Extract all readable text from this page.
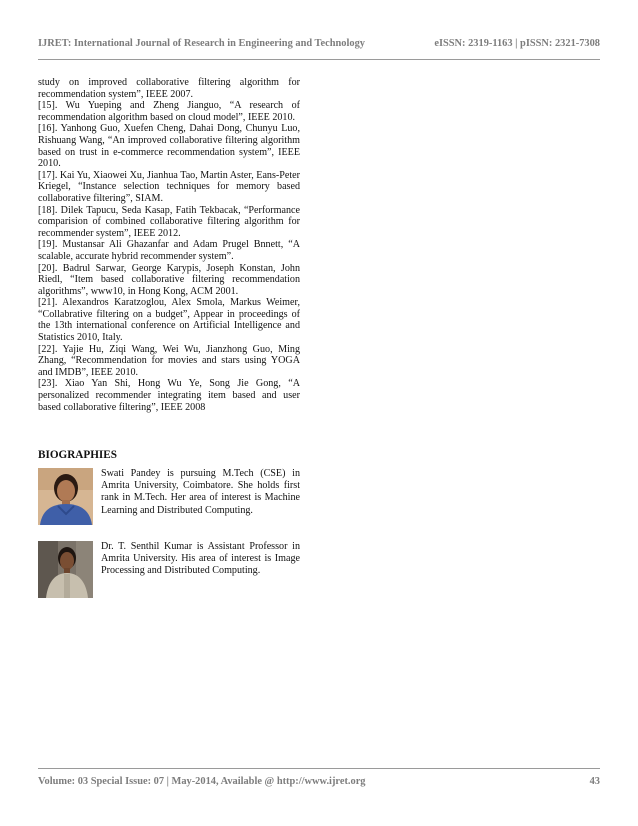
IJRET: International Journal of Research in Engineering and Technology	eISSN: 2319-1163 | pISSN: 2321-7308

study on improved collaborative filtering algorithm for recommendation system”, IEEE 2007.

[15]. Wu Yueping and Zheng Jianguo, “A research of recommendation algorithm based on cloud model”, IEEE 2010.

[16]. Yanhong Guo, Xuefen Cheng, Dahai Dong, Chunyu Luo, Rishuang Wang, “An improved collaborative filtering algorithm based on trust in e-commerce recommendation system”, IEEE 2010.

[17]. Kai Yu, Xiaowei Xu, Jianhua Tao, Martin Aster, Eans-Peter Kriegel, “Instance selection techniques for memory based collaborative filtering”, SIAM.

[18]. Dilek Tapucu, Seda Kasap, Fatih Tekbacak, “Performance comparision of combined collaborative filtering algorithm for recommender system”, IEEE 2012.

[19]. Mustansar Ali Ghazanfar and Adam Prugel Bnnett, “A scalable, accurate hybrid recommender system”.

[20]. Badrul Sarwar, George Karypis, Joseph Konstan, John Riedl, “Item based collaborative filtering recommendation algorithms”, www10, in Hong Kong, ACM 2001.

[21]. Alexandros Karatzoglou, Alex Smola, Markus Weimer, “Collabrative filtering on a budget”, Appear in proceedings of the 13th international conference on Artificial Intelligence and Statistics 2010, Italy.

[22]. Yajie Hu, Ziqi Wang, Wei Wu, Jianzhong Guo, Ming Zhang, “Recommendation for movies and stars using YOGA and IMDB”, IEEE 2010.

[23]. Xiao Yan Shi, Hong Wu Ye, Song Jie Gong, “A personalized recommender integrating item based and user based collaborative filtering”, IEEE 2008

BIOGRAPHIES
Swati Pandey is pursuing M.Tech (CSE) in Amrita University, Coimbatore. She holds first rank in M.Tech. Her area of interest is Machine Learning and Distributed Computing.
Dr. T. Senthil Kumar is Assistant Professor in Amrita University. His area of interest is Image Processing and Distributed Computing.
Volume: 03 Special Issue: 07 | May-2014, Available @ http://www.ijret.org	43
